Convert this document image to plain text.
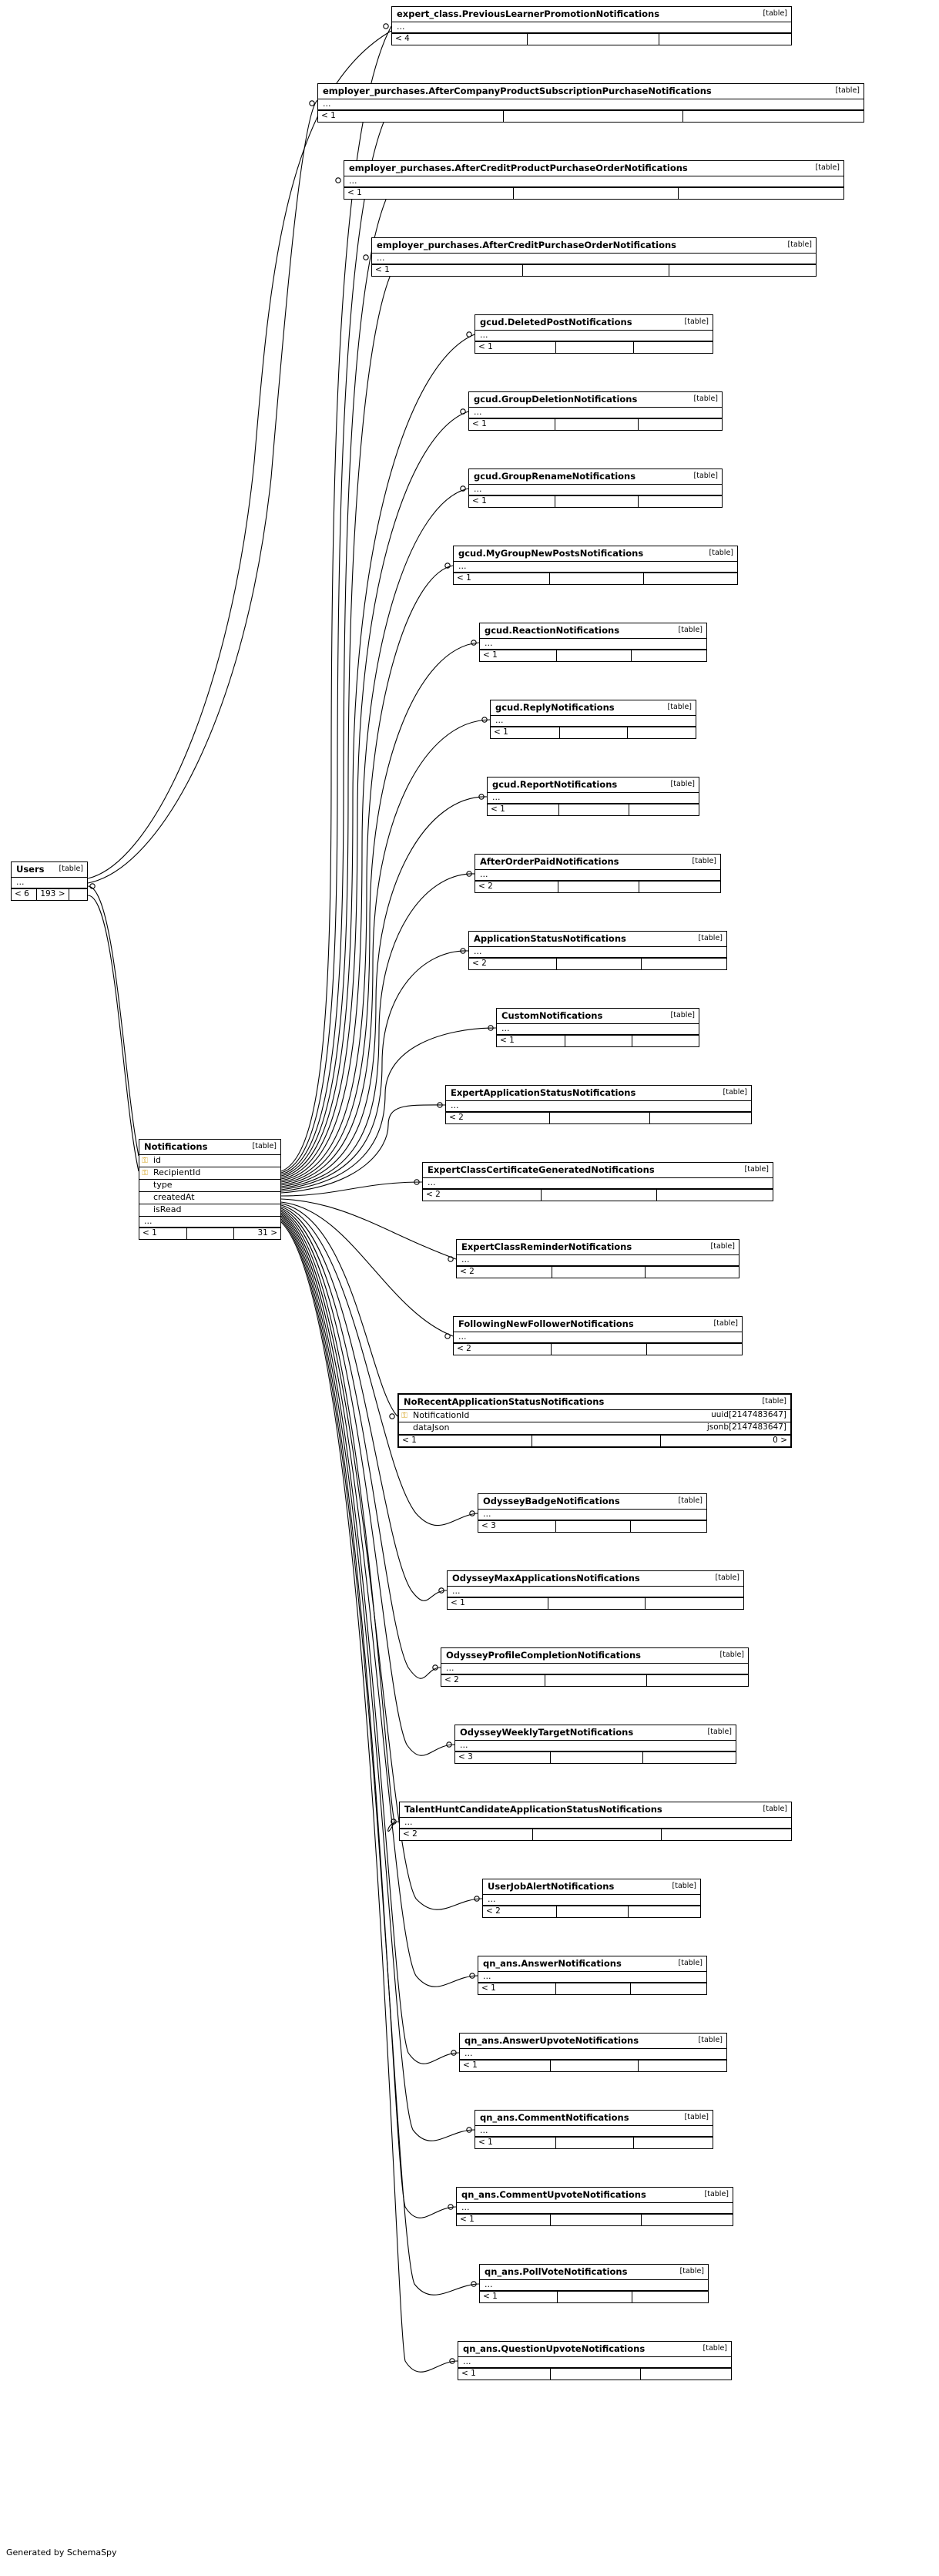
expert_class.PreviousLearnerPromotionNotifications	[table]
...
< 4
employer_purchases.AfterCompanyProductSubscriptionPurchaseNotifications	[table]
...
< 1
employer_purchases.AfterCreditProductPurchaseOrderNotifications	[table]
...
< 1
employer_purchases.AfterCreditPurchaseOrderNotifications	[table]
...
< 1
gcud.DeletedPostNotifications	[table]
...
< 1
gcud.GroupDeletionNotifications	[table]
...
< 1
gcud.GroupRenameNotifications	[table]
...
< 1
gcud.MyGroupNewPostsNotifications	[table]
...
< 1
gcud.ReactionNotifications	[table]
...
< 1
gcud.ReplyNotifications	[table]
...
< 1
gcud.ReportNotifications	[table]
...
< 1
AfterOrderPaidNotifications	[table]
...
< 2
ApplicationStatusNotifications	[table]
...
< 2
CustomNotifications	[table]
...
< 1
ExpertApplicationStatusNotifications	[table]
...
< 2
ExpertClassCertificateGeneratedNotifications	[table]
...
< 2
ExpertClassReminderNotifications	[table]
...
< 2
FollowingNewFollowerNotifications	[table]
...
< 2
OdysseyBadgeNotifications	[table]
...
< 3
OdysseyMaxApplicationsNotifications	[table]
...
< 1
OdysseyProfileCompletionNotifications	[table]
...
< 2
OdysseyWeeklyTargetNotifications	[table]
...
< 3
TalentHuntCandidateApplicationStatusNotifications	[table]
...
< 2
UserJobAlertNotifications	[table]
...
< 2
qn_ans.AnswerNotifications	[table]
...
< 1
qn_ans.AnswerUpvoteNotifications	[table]
...
< 1
qn_ans.CommentNotifications	[table]
...
< 1
qn_ans.CommentUpvoteNotifications	[table]
...
< 1
qn_ans.PollVoteNotifications	[table]
...
< 1
qn_ans.QuestionUpvoteNotifications	[table]
...
< 1
NoRecentApplicationStatusNotifications	[table]
⚿ NotificationId	uuid[2147483647]
dataJson	jsonb[2147483647]
< 1	0 >
Users	[table]
...
< 6	193 >
Notifications	[table]
⚿ id
⚿ RecipientId
type
createdAt
isRead
...
< 1	31 >
Generated by SchemaSpy
